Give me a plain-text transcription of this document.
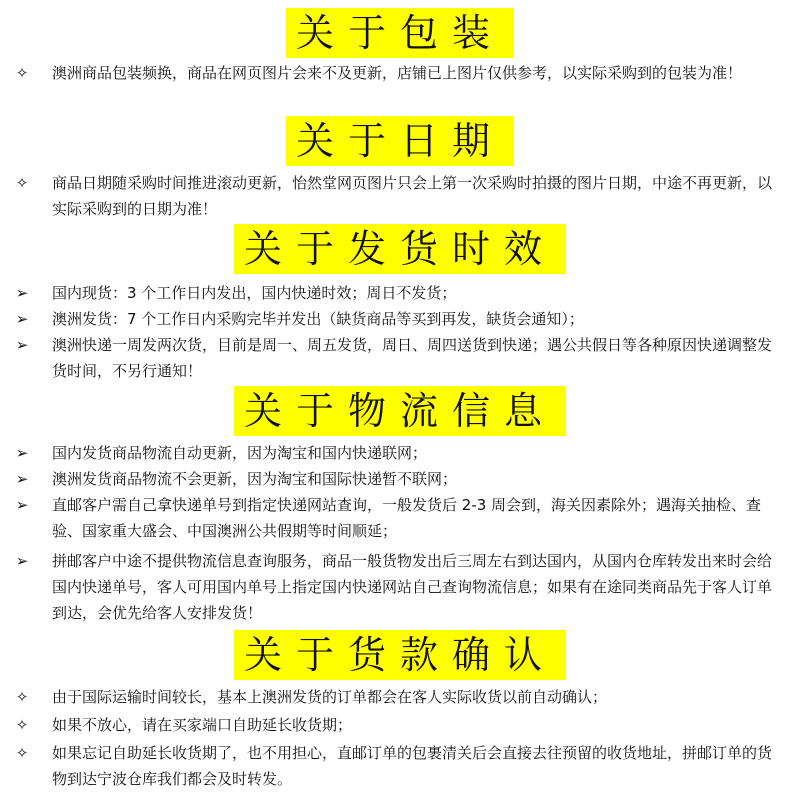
关于包装
✧ 澳洲商品包装频换，商品在网页图片会来不及更新，店铺已上图片仅供参考，以实际采购到的包装为准！
关于日期
✧ 商品日期随采购时间推进滚动更新，怡然堂网页图片只会上第一次采购时拍摄的图片日期，中途不再更新，以实际采购到的日期为准！
关于发货时效
➢ 国内现货：3 个工作日内发出，国内快递时效；周日不发货；
➢ 澳洲发货：7 个工作日内采购完毕并发出（缺货商品等买到再发，缺货会通知）；
➢ 澳洲快递一周发两次货，目前是周一、周五发货，周日、周四送货到快递；遇公共假日等各种原因快递调整发货时间，不另行通知！
关于物流信息
➢ 国内发货商品物流自动更新，因为淘宝和国内快递联网；
➢ 澳洲发货商品物流不会更新，因为淘宝和国际快递暂不联网；
➢ 直邮客户需自己拿快递单号到指定快递网站查询，一般发货后 2-3 周会到，海关因素除外；遇海关抽检、查验、国家重大盛会、中国澳洲公共假期等时间顺延；
➢ 拼邮客户中途不提供物流信息查询服务，商品一般货物发出后三周左右到达国内，从国内仓库转发出来时会给国内快递单号，客人可用国内单号上指定国内快递网站自己查询物流信息；如果有在途同类商品先于客人订单到达，会优先给客人安排发货！
关于货款确认
✧ 由于国际运输时间较长，基本上澳洲发货的订单都会在客人实际收货以前自动确认；
✧ 如果不放心，请在买家端口自助延长收货期；
✧ 如果忘记自助延长收货期了，也不用担心，直邮订单的包裹清关后会直接去往预留的收货地址，拼邮订单的货物到达宁波仓库我们都会及时转发。
